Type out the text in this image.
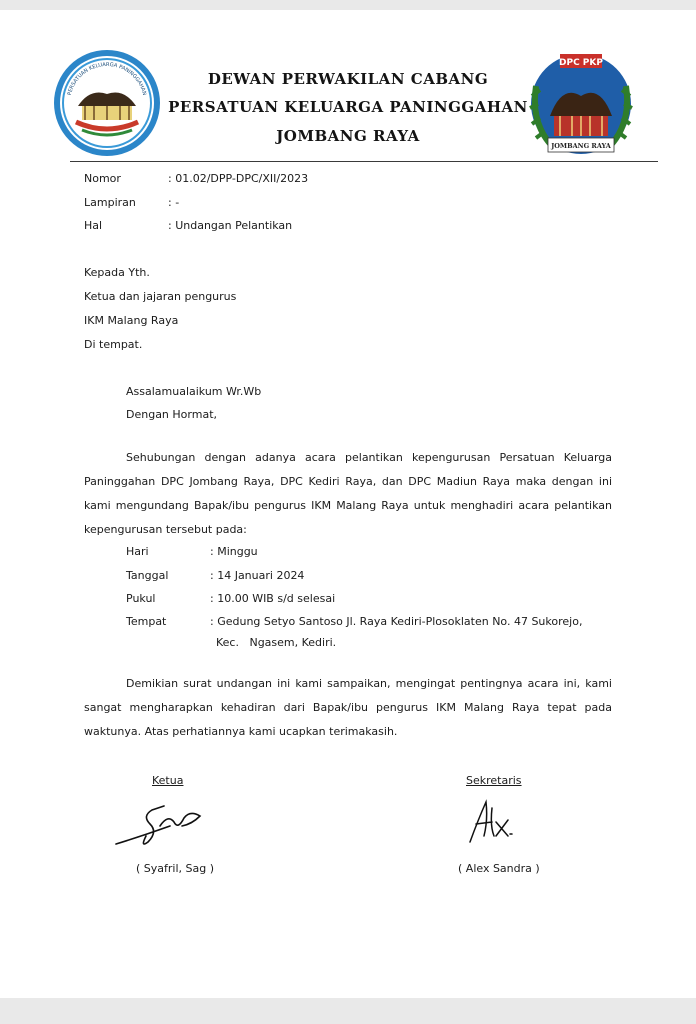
PERSATUAN KELUARGA PANINGGAHAN
DEWAN PERWAKILAN CABANG
PERSATUAN KELUARGA PANINGGAHAN
JOMBANG RAYA
DPC PKP
JOMBANG RAYA
Nomor	: 01.02/DPP-DPC/XII/2023
Lampiran	: -
Hal	: Undangan Pelantikan
Kepada Yth.
Ketua dan jajaran pengurus
IKM Malang Raya
Di tempat.
Assalamualaikum Wr.Wb
Dengan Hormat,
Sehubungan dengan adanya acara pelantikan kepengurusan Persatuan Keluarga Paninggahan DPC Jombang Raya, DPC Kediri Raya, dan DPC Madiun Raya maka dengan ini kami mengundang Bapak/ibu pengurus IKM Malang Raya untuk menghadiri acara pelantikan kepengurusan tersebut pada:
Hari	: Minggu
Tanggal	: 14 Januari 2024
Pukul	: 10.00 WIB s/d selesai
Tempat	: Gedung Setyo Santoso Jl. Raya Kediri-Plosoklaten No. 47 Sukorejo,
Kec.   Ngasem, Kediri.
Demikian surat undangan ini kami sampaikan, mengingat pentingnya acara ini, kami sangat mengharapkan kehadiran dari Bapak/ibu pengurus IKM Malang Raya tepat pada waktunya. Atas perhatiannya kami ucapkan terimakasih.
Ketua
( Syafril, Sag )
Sekretaris
( Alex Sandra )
